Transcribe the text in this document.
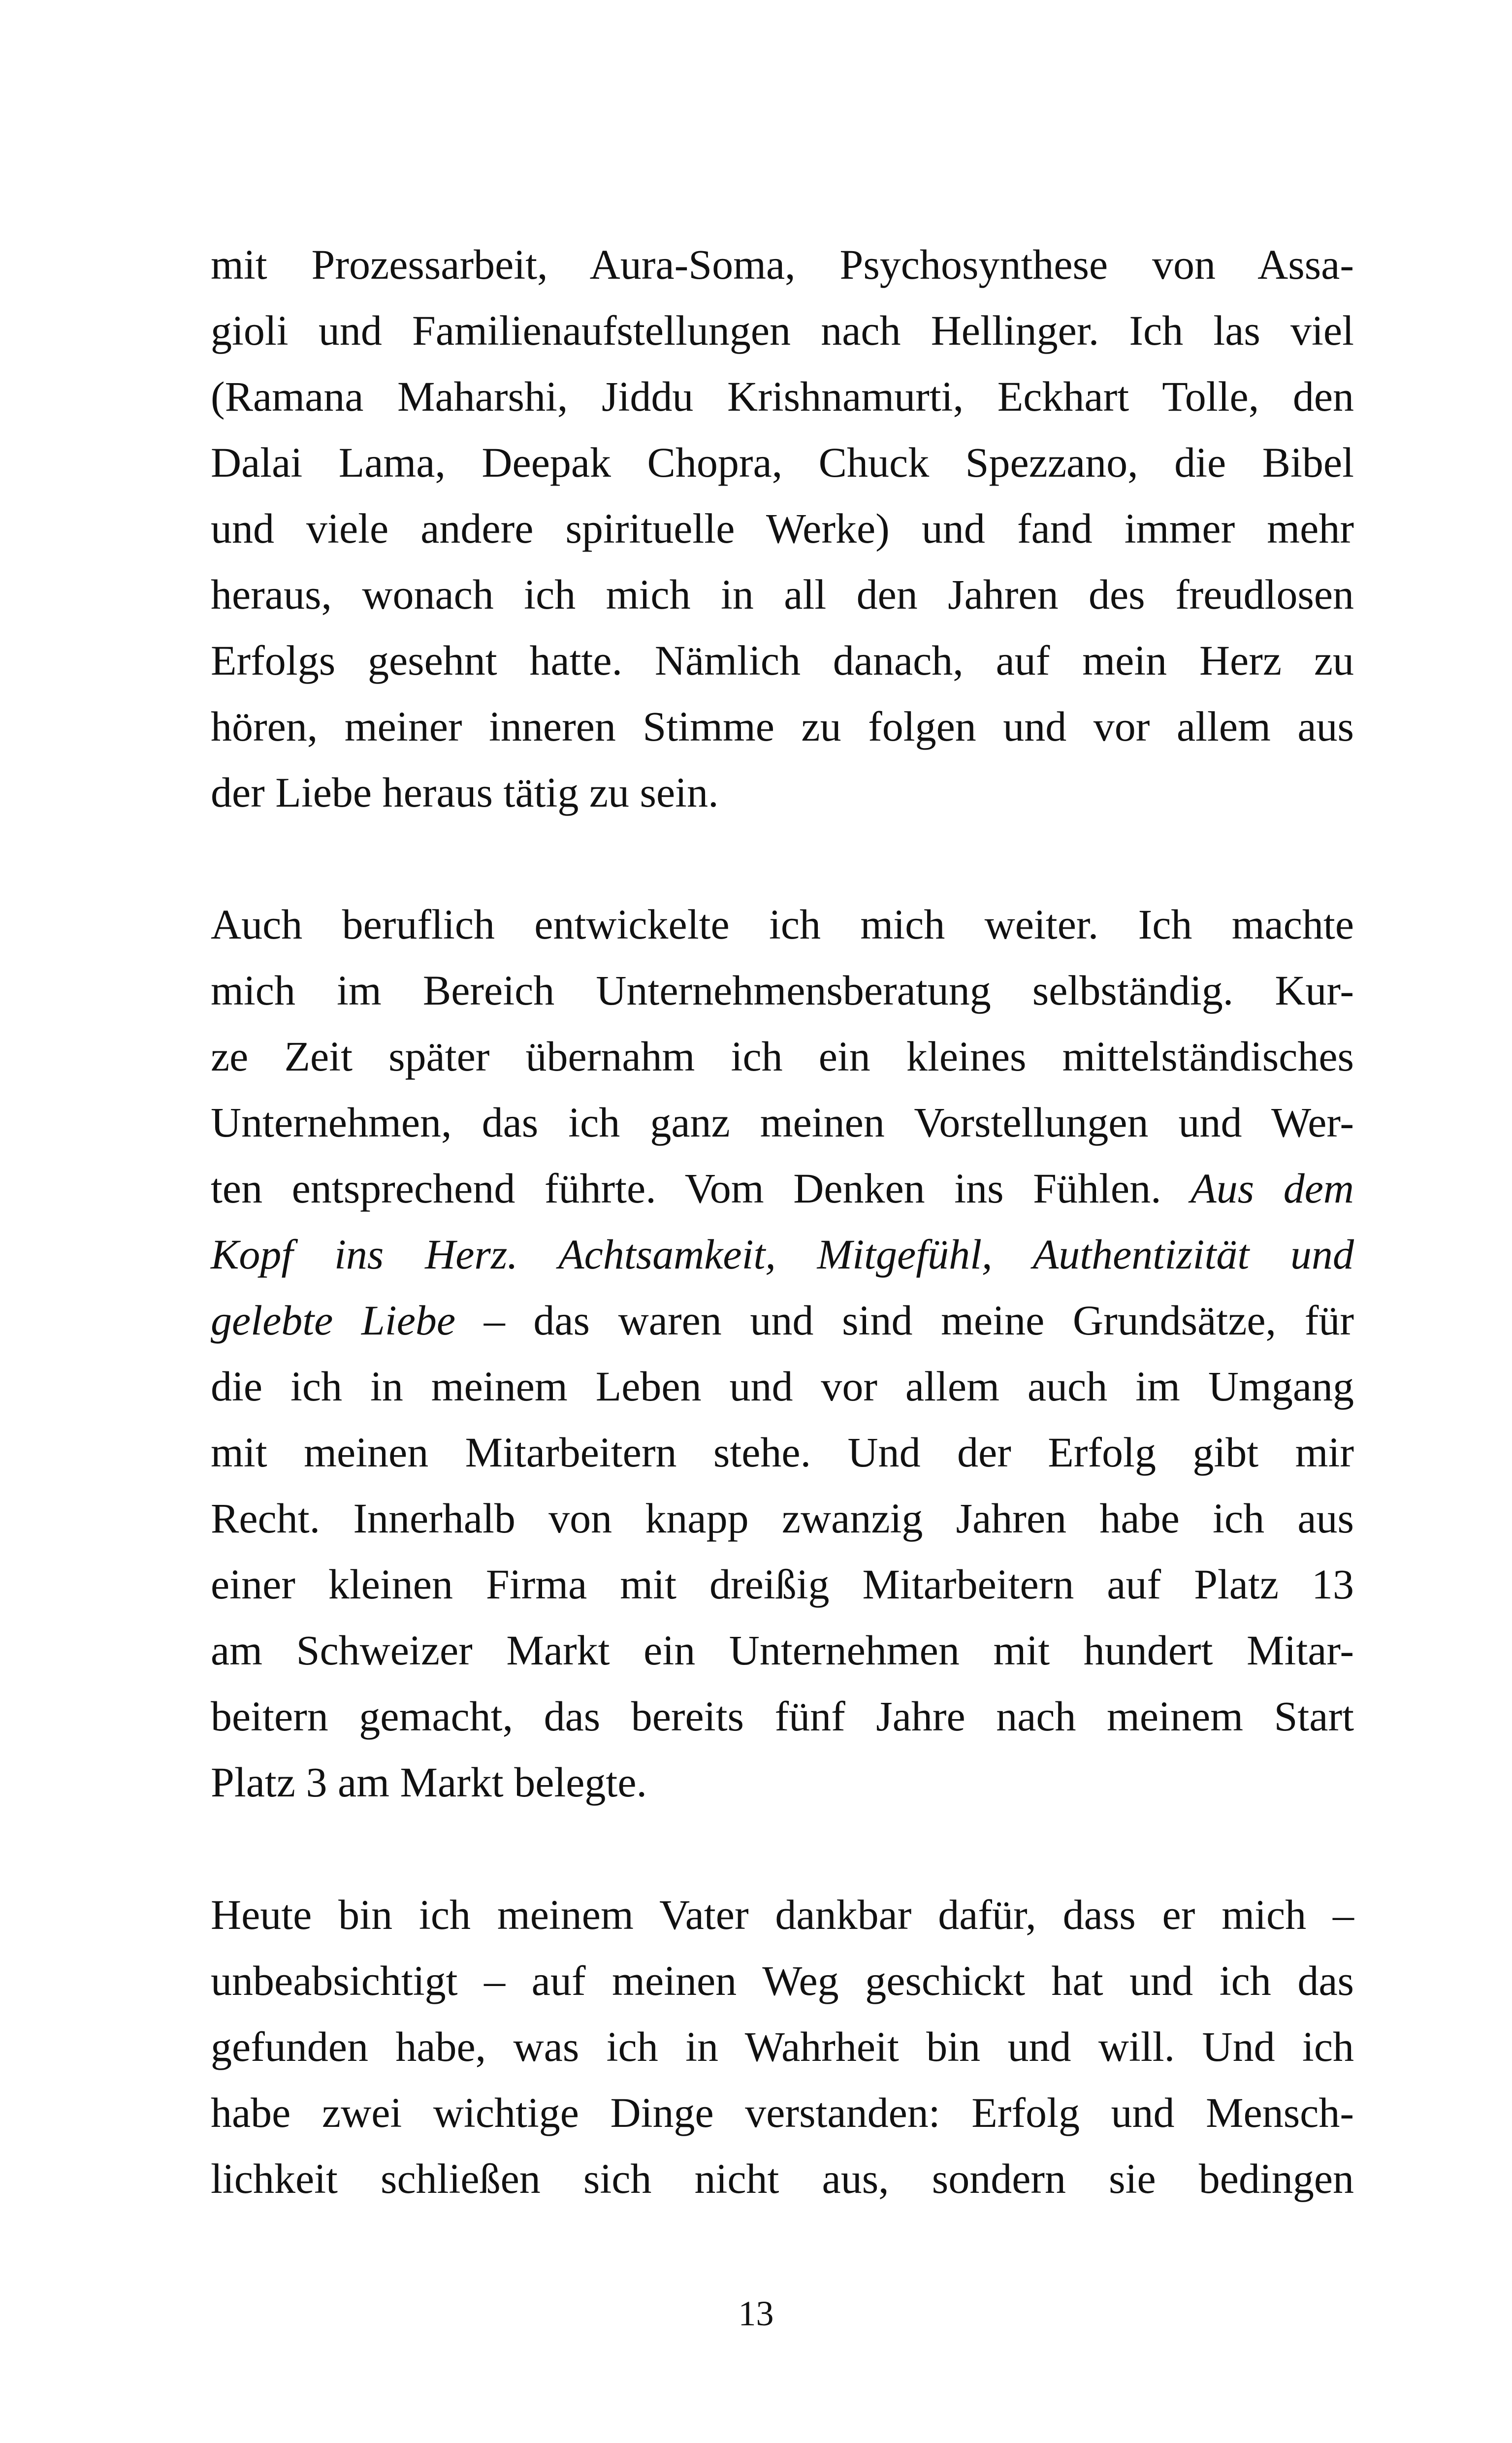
mit Prozessarbeit, Aura-Soma, Psychosynthese von Assa-
gioli und Familienaufstellungen nach Hellinger. Ich las viel
(Ramana Maharshi, Jiddu Krishnamurti, Eckhart Tolle, den
Dalai Lama, Deepak Chopra, Chuck Spezzano, die Bibel
und viele andere spirituelle Werke) und fand immer mehr
heraus, wonach ich mich in all den Jahren des freudlosen
Erfolgs gesehnt hatte. Nämlich danach, auf mein Herz zu
hören, meiner inneren Stimme zu folgen und vor allem aus
der Liebe heraus tätig zu sein.
Auch beruflich entwickelte ich mich weiter. Ich machte
mich im Bereich Unternehmensberatung selbständig. Kur-
ze Zeit später übernahm ich ein kleines mittelständisches
Unternehmen, das ich ganz meinen Vorstellungen und Wer-
ten entsprechend führte. Vom Denken ins Fühlen. Aus dem
Kopf ins Herz. Achtsamkeit, Mitgefühl, Authentizität und
gelebte Liebe – das waren und sind meine Grundsätze, für
die ich in meinem Leben und vor allem auch im Umgang
mit meinen Mitarbeitern stehe. Und der Erfolg gibt mir
Recht. Innerhalb von knapp zwanzig Jahren habe ich aus
einer kleinen Firma mit dreißig Mitarbeitern auf Platz 13
am Schweizer Markt ein Unternehmen mit hundert Mitar-
beitern gemacht, das bereits fünf Jahre nach meinem Start
Platz 3 am Markt belegte.
Heute bin ich meinem Vater dankbar dafür, dass er mich –
unbeabsichtigt – auf meinen Weg geschickt hat und ich das
gefunden habe, was ich in Wahrheit bin und will. Und ich
habe zwei wichtige Dinge verstanden: Erfolg und Mensch-
lichkeit schließen sich nicht aus, sondern sie bedingen
13
